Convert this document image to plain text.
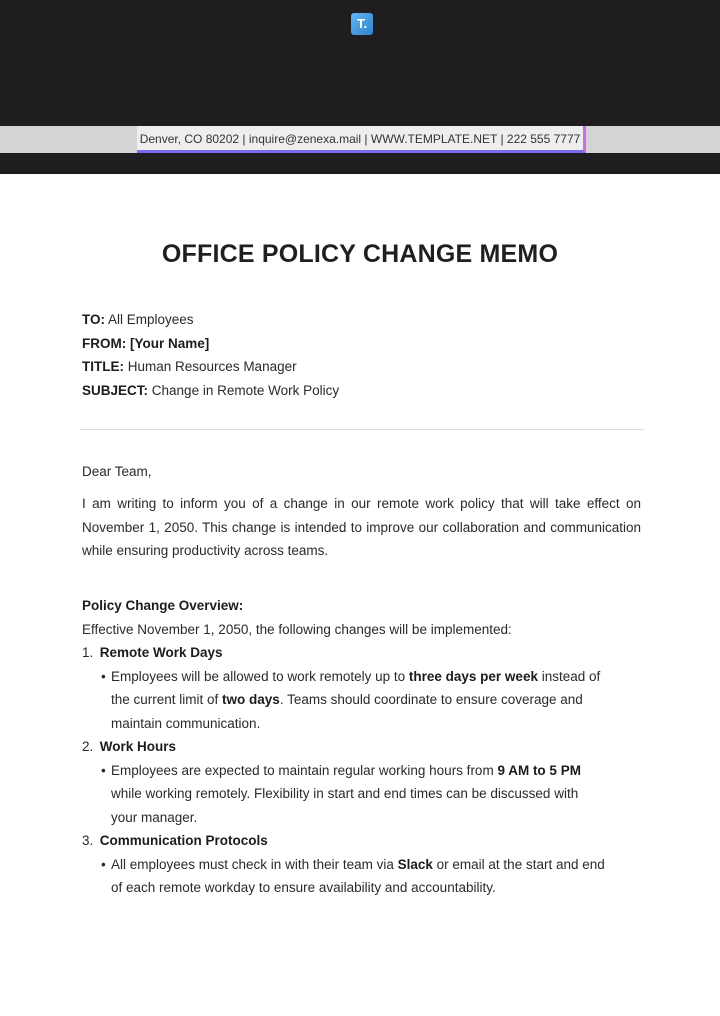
T.
Denver, CO 80202 | inquire@zenexa.mail | WWW.TEMPLATE.NET | 222 555 7777
OFFICE POLICY CHANGE MEMO
TO: All Employees
FROM: [Your Name]
TITLE: Human Resources Manager
SUBJECT: Change in Remote Work Policy

Dear Team,

I am writing to inform you of a change in our remote work policy that will take effect on November 1, 2050. This change is intended to improve our collaboration and communication while ensuring productivity across teams.

Policy Change Overview:
Effective November 1, 2050, the following changes will be implemented:
1. Remote Work Days
• Employees will be allowed to work remotely up to three days per week instead of the current limit of two days. Teams should coordinate to ensure coverage and maintain communication.
2. Work Hours
• Employees are expected to maintain regular working hours from 9 AM to 5 PM while working remotely. Flexibility in start and end times can be discussed with your manager.
3. Communication Protocols
• All employees must check in with their team via Slack or email at the start and end of each remote workday to ensure availability and accountability.
